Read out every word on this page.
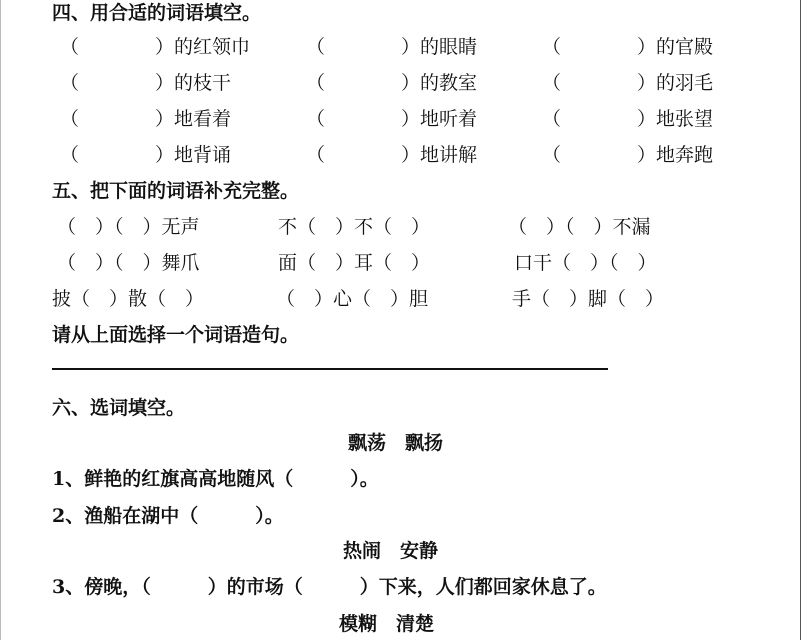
四、用合适的词语填空。
（　　　　）的红领巾	（　　　　）的眼睛	（　　　　）的官殿
（　　　　）的枝干	（　　　　）的教室	（　　　　）的羽毛
（　　　　）地看着	（　　　　）地听着	（　　　　）地张望
（　　　　）地背诵	（　　　　）地讲解	（　　　　）地奔跑
五、把下面的词语补充完整。
（　）（　）无声	不（　）不（　）	（　）（　）不漏
（　）（　）舞爪	面（　）耳（　）	口干（　）（　）
披（　）散（　）	（　）心（　）胆	手（　）脚（　）
请从上面选择一个词语造句。
六、选词填空。
飘荡　飘扬
1、鲜艳的红旗高高地随风（　　　）。
2、渔船在湖中（　　　）。
热闹　安静
3、傍晚，（　　　）的市场（　　　）下来，人们都回家休息了。
模糊　清楚
